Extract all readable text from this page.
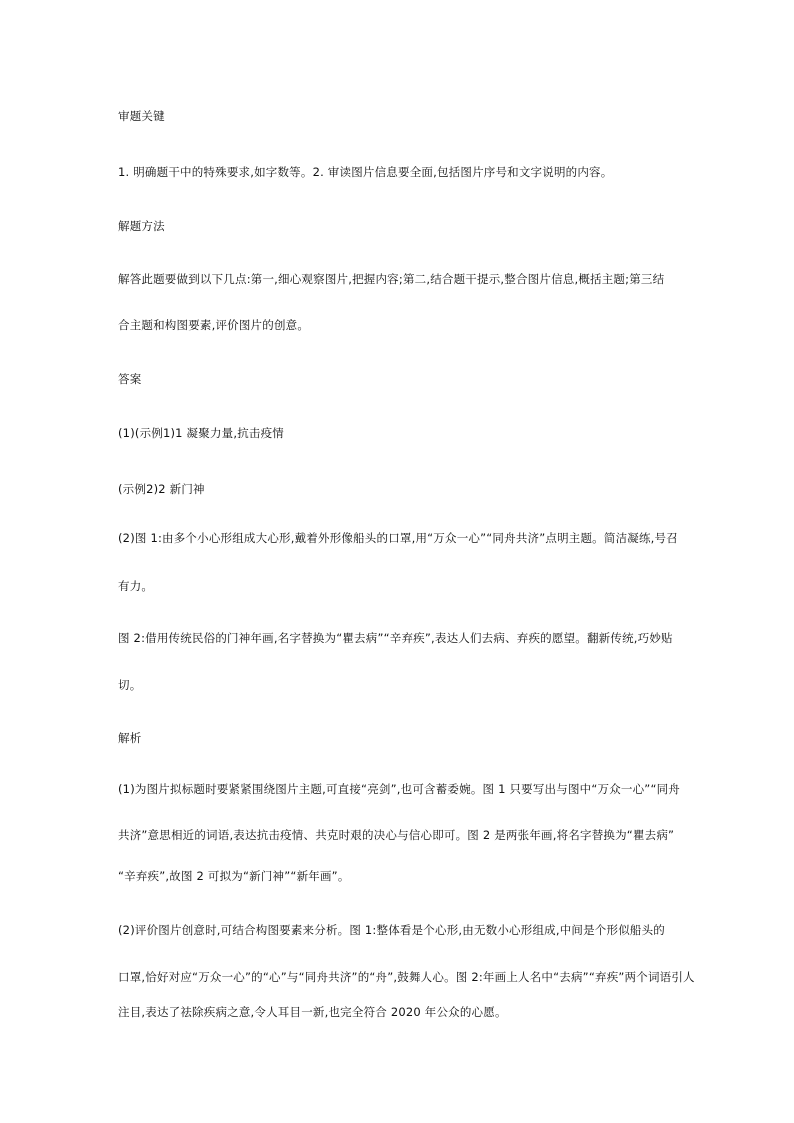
审题关键
1. 明确题干中的特殊要求,如字数等。2. 审读图片信息要全面,包括图片序号和文字说明的内容。
解题方法
解答此题要做到以下几点:第一,细心观察图片,把握内容;第二,结合题干提示,整合图片信息,概括主题;第三结
合主题和构图要素,评价图片的创意。
答案
(1)(示例1)1 凝聚力量,抗击疫情
(示例2)2 新门神
(2)图 1:由多个小心形组成大心形,戴着外形像船头的口罩,用“万众一心”“同舟共济”点明主题。简洁凝练,号召
有力。
图 2:借用传统民俗的门神年画,名字替换为“瞿去病”“辛弃疾”,表达人们去病、弃疾的愿望。翻新传统,巧妙贴
切。
解析
(1)为图片拟标题时要紧紧围绕图片主题,可直接“亮剑”,也可含蓄委婉。图 1 只要写出与图中“万众一心”“同舟
共济”意思相近的词语,表达抗击疫情、共克时艰的决心与信心即可。图 2 是两张年画,将名字替换为“瞿去病”
“辛弃疾”,故图 2 可拟为“新门神”“新年画”。
(2)评价图片创意时,可结合构图要素来分析。图 1:整体看是个心形,由无数小心形组成,中间是个形似船头的
口罩,恰好对应“万众一心”的“心”与“同舟共济”的“舟”,鼓舞人心。图 2:年画上人名中“去病”“弃疾”两个词语引人
注目,表达了祛除疾病之意,令人耳目一新,也完全符合 2020 年公众的心愿。
